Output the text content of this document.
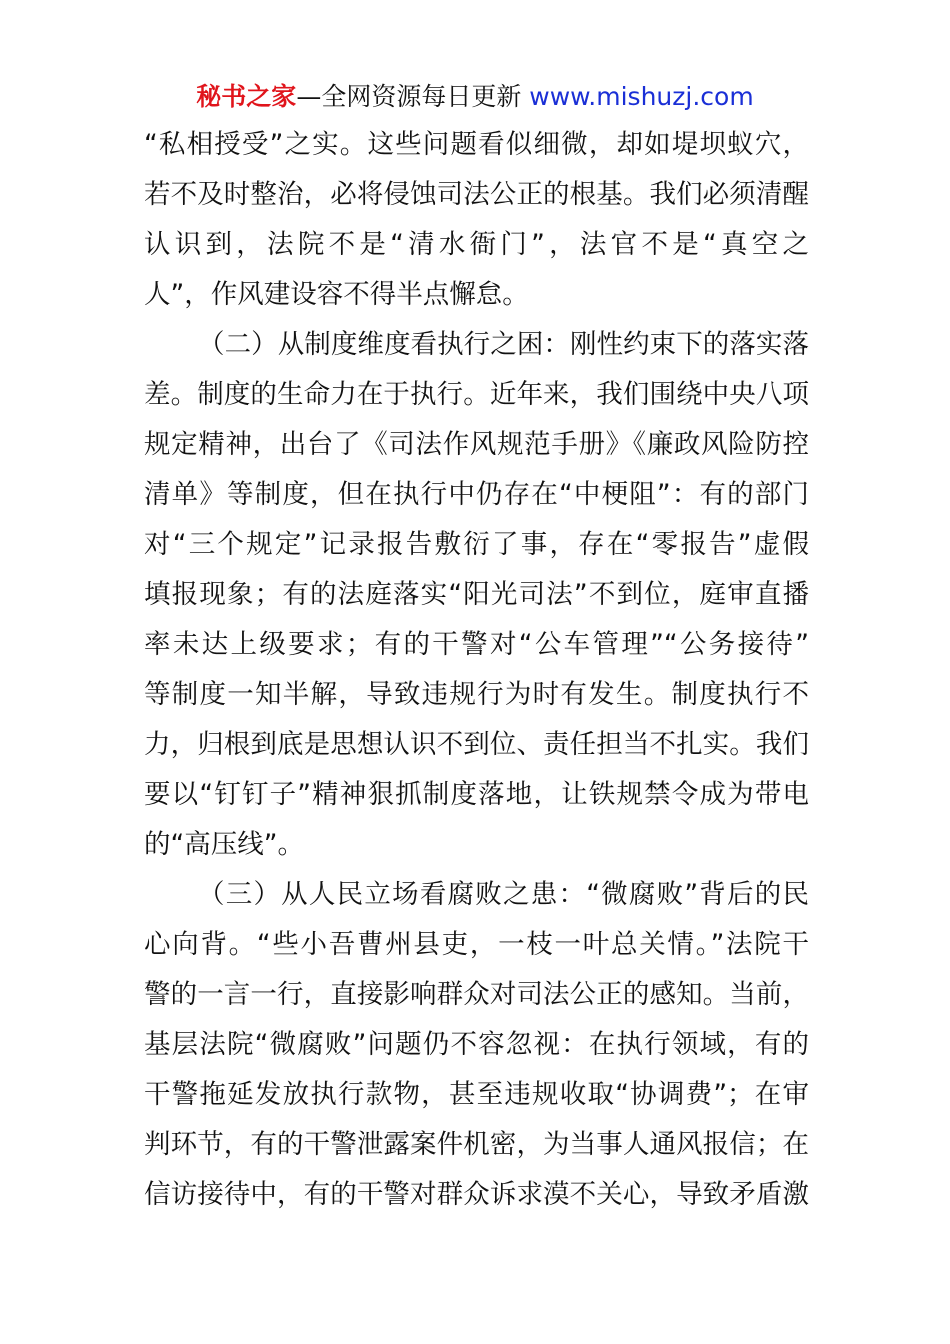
秘书之家—全网资源每日更新 www.mishuzj.com
“私相授受”之实。这些问题看似细微，却如堤坝蚁穴，
若不及时整治，必将侵蚀司法公正的根基。我们必须清醒
认识到，法院不是“清水衙门”，法官不是“真空之
人”，作风建设容不得半点懈怠。
（二）从制度维度看执行之困：刚性约束下的落实落
差。制度的生命力在于执行。近年来，我们围绕中央八项
规定精神，出台了《司法作风规范手册》《廉政风险防控
清单》等制度，但在执行中仍存在“中梗阻”：有的部门
对“三个规定”记录报告敷衍了事，存在“零报告”虚假
填报现象；有的法庭落实“阳光司法”不到位，庭审直播
率未达上级要求；有的干警对“公车管理”“公务接待”
等制度一知半解，导致违规行为时有发生。制度执行不
力，归根到底是思想认识不到位、责任担当不扎实。我们
要以“钉钉子”精神狠抓制度落地，让铁规禁令成为带电
的“高压线”。
（三）从人民立场看腐败之患：“微腐败”背后的民
心向背。“些小吾曹州县吏，一枝一叶总关情。”法院干
警的一言一行，直接影响群众对司法公正的感知。当前，
基层法院“微腐败”问题仍不容忽视：在执行领域，有的
干警拖延发放执行款物，甚至违规收取“协调费”；在审
判环节，有的干警泄露案件机密，为当事人通风报信；在
信访接待中，有的干警对群众诉求漠不关心，导致矛盾激
